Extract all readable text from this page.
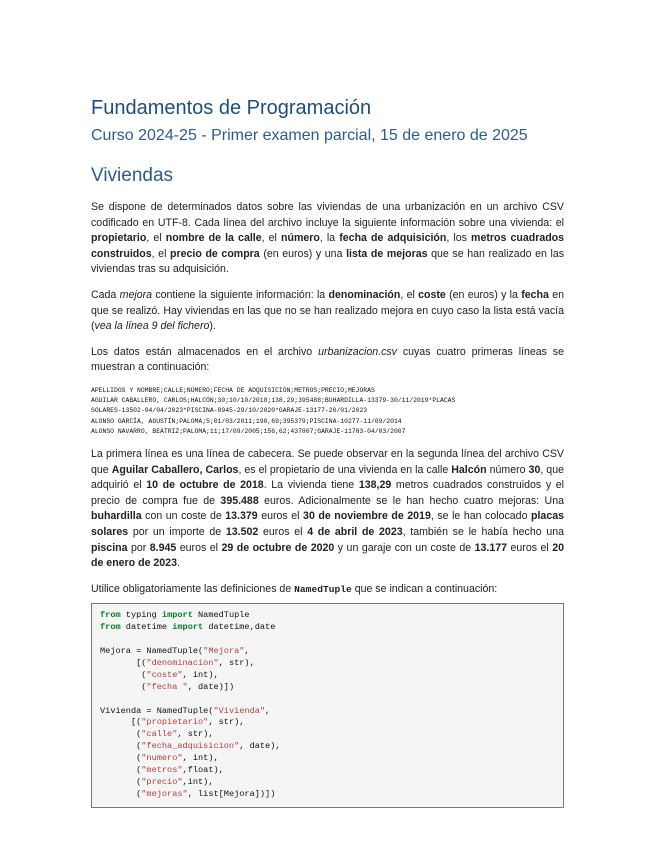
Fundamentos de Programación
Curso 2024-25 - Primer examen parcial, 15 de enero de 2025
Viviendas

Se dispone de determinados datos sobre las viviendas de una urbanización en un archivo CSV codificado en UTF-8. Cada línea del archivo incluye la siguiente información sobre una vivienda: el propietario, el nombre de la calle, el número, la fecha de adquisición, los metros cuadrados construidos, el precio de compra (en euros) y una lista de mejoras que se han realizado en las viviendas tras su adquisición.

Cada mejora contiene la siguiente información: la denominación, el coste (en euros) y la fecha en que se realizó. Hay viviendas en las que no se han realizado mejora en cuyo caso la lista está vacía (vea la línea 9 del fichero).

Los datos están almacenados en el archivo urbanizacion.csv cuyas cuatro primeras líneas se muestran a continuación:

APELLIDOS Y NOMBRE;CALLE;NÚMERO;FECHA DE ADQUISICIÓN;METROS;PRECIO;MEJORAS
AGUILAR CABALLERO, CARLOS;HALCÓN;30;10/10/2018;138,29;395488;BUHARDILLA-13379-30/11/2019*PLACAS
SOLARES-13502-04/04/2023*PISCINA-8945-29/10/2020*GARAJE-13177-20/01/2023
ALONSO GARCÍA, AGUSTÍN;PALOMA;5;01/03/2011;190,69;395379;PISCINA-10277-11/09/2014
ALONSO NAVARRO, BEATRIZ;PALOMA;11;17/09/2005;156,62;437807;GARAJE-11783-04/03/2007

La primera línea es una línea de cabecera. Se puede observar en la segunda línea del archivo CSV que Aguilar Caballero, Carlos, es el propietario de una vivienda en la calle Halcón número 30, que adquirió el 10 de octubre de 2018. La vivienda tiene 138,29 metros cuadrados construidos y el precio de compra fue de 395.488 euros. Adicionalmente se le han hecho cuatro mejoras: Una buhardilla con un coste de 13.379 euros el 30 de noviembre de 2019, se le han colocado placas solares por un importe de 13.502 euros el 4 de abril de 2023, también se le había hecho una piscina por 8.945 euros el 29 de octubre de 2020 y un garaje con un coste de 13.177 euros el 20 de enero de 2023.

Utilice obligatoriamente las definiciones de NamedTuple que se indican a continuación:

from typing import NamedTuple
from datetime import datetime,date
Mejora = NamedTuple("Mejora",
[("denominacion", str),
("coste", int),
("fecha ", date)])
Vivienda = NamedTuple("Vivienda",
[("propietario", str),
("calle", str),
("fecha_adquisicion", date),
("numero", int),
("metros",float),
("precio",int),
("mejoras", list[Mejora])])
